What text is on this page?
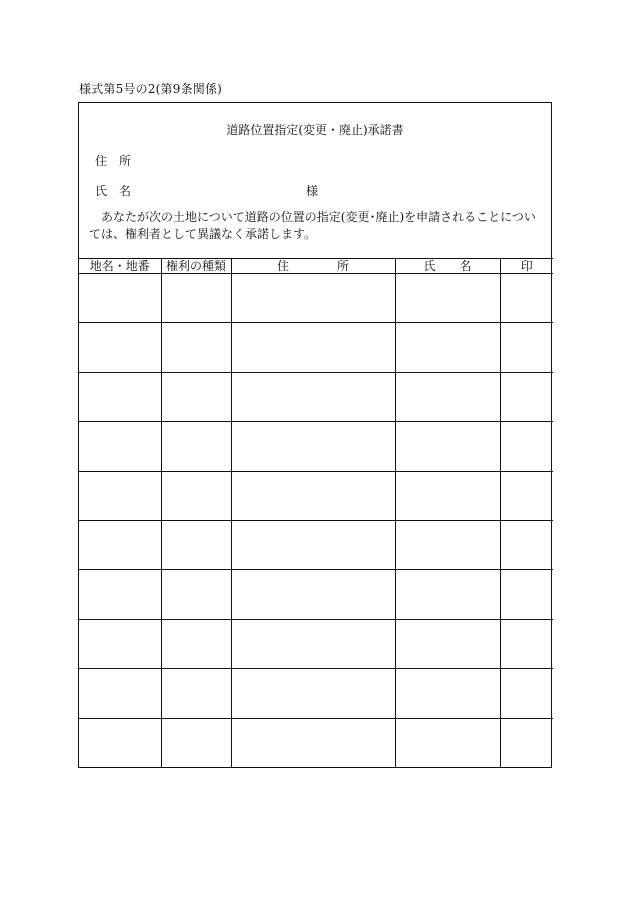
様式第5号の2(第9条関係)
道路位置指定(変更・廃止)承諾書
住　所
氏　名	様
あなたが次の土地について道路の位置の指定(変更･廃止)を申請されることについては、権利者として異議なく承諾します。
地名・地番	権利の種類	住　　　　所	氏　　名	印
